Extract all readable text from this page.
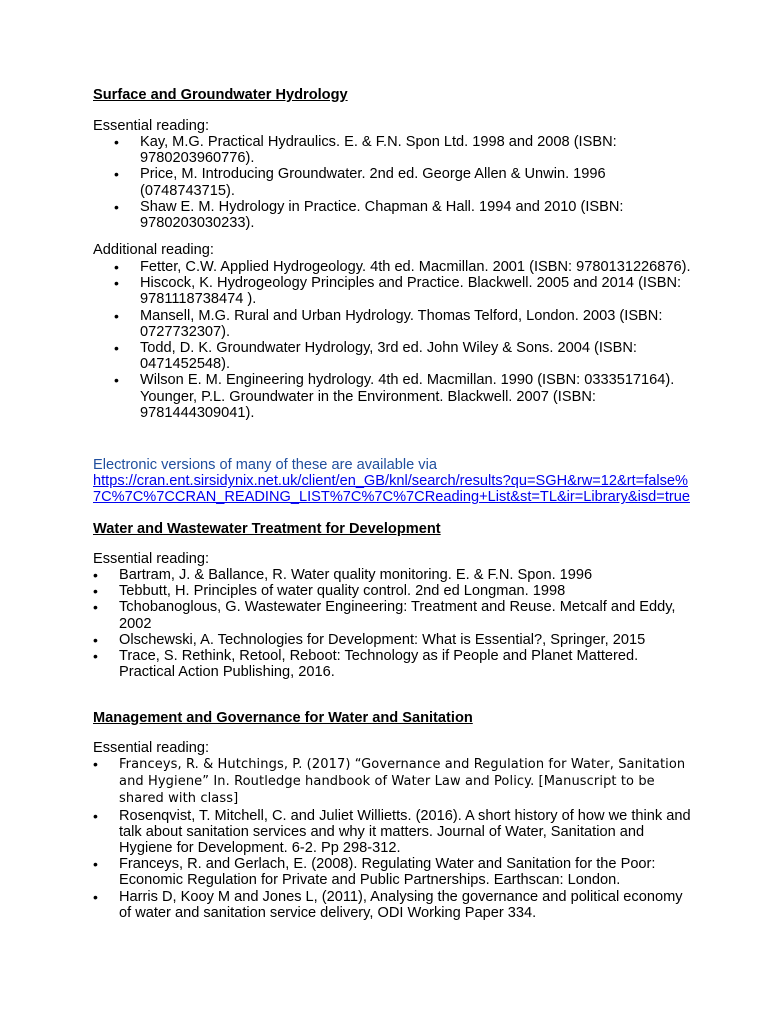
Surface and Groundwater Hydrology

Essential reading:

•	Kay, M.G. Practical Hydraulics. E. & F.N. Spon Ltd. 1998 and 2008 (ISBN: 9780203960776).
•	Price, M. Introducing Groundwater. 2nd ed. George Allen & Unwin. 1996 (0748743715).
•	Shaw E. M. Hydrology in Practice. Chapman & Hall. 1994 and 2010 (ISBN: 9780203030233).

Additional reading:

•	Fetter, C.W. Applied Hydrogeology. 4th ed. Macmillan. 2001 (ISBN: 9780131226876).
•	Hiscock, K. Hydrogeology Principles and Practice. Blackwell. 2005 and 2014 (ISBN: 9781118738474 ).
•	Mansell, M.G. Rural and Urban Hydrology. Thomas Telford, London. 2003 (ISBN: 0727732307).
•	Todd, D. K. Groundwater Hydrology, 3rd ed. John Wiley & Sons. 2004 (ISBN: 0471452548).
•	Wilson E. M. Engineering hydrology. 4th ed. Macmillan. 1990 (ISBN: 0333517164). Younger, P.L. Groundwater in the Environment. Blackwell. 2007 (ISBN: 9781444309041).
Electronic versions of many of these are available via
https://cran.ent.sirsidynix.net.uk/client/en_GB/knl/search/results?qu=SGH&rw=12&rt=false%
7C%7C%7CCRAN_READING_LIST%7C%7C%7CReading+List&st=TL&ir=Library&isd=true

Water and Wastewater Treatment for Development

Essential reading:

•	Bartram, J. & Ballance, R. Water quality monitoring. E. & F.N. Spon. 1996
•	Tebbutt, H. Principles of water quality control. 2nd ed Longman. 1998
•	Tchobanoglous, G. Wastewater Engineering: Treatment and Reuse. Metcalf and Eddy, 2002
•	Olschewski, A. Technologies for Development: What is Essential?, Springer, 2015
•	Trace, S. Rethink, Retool, Reboot: Technology as if People and Planet Mattered. Practical Action Publishing, 2016.

Management and Governance for Water and Sanitation

Essential reading:

•	Franceys, R. & Hutchings, P. (2017) “Governance and Regulation for Water, Sanitation and Hygiene” In. Routledge handbook of Water Law and Policy. [Manuscript to be shared with class]
•	Rosenqvist, T. Mitchell, C. and Juliet Willietts. (2016). A short history of how we think and talk about sanitation services and why it matters. Journal of Water, Sanitation and Hygiene for Development. 6-2. Pp 298-312.
•	Franceys, R. and Gerlach, E. (2008). Regulating Water and Sanitation for the Poor: Economic Regulation for Private and Public Partnerships. Earthscan: London.
•	Harris D, Kooy M and Jones L, (2011), Analysing the governance and political economy of water and sanitation service delivery, ODI Working Paper 334.
